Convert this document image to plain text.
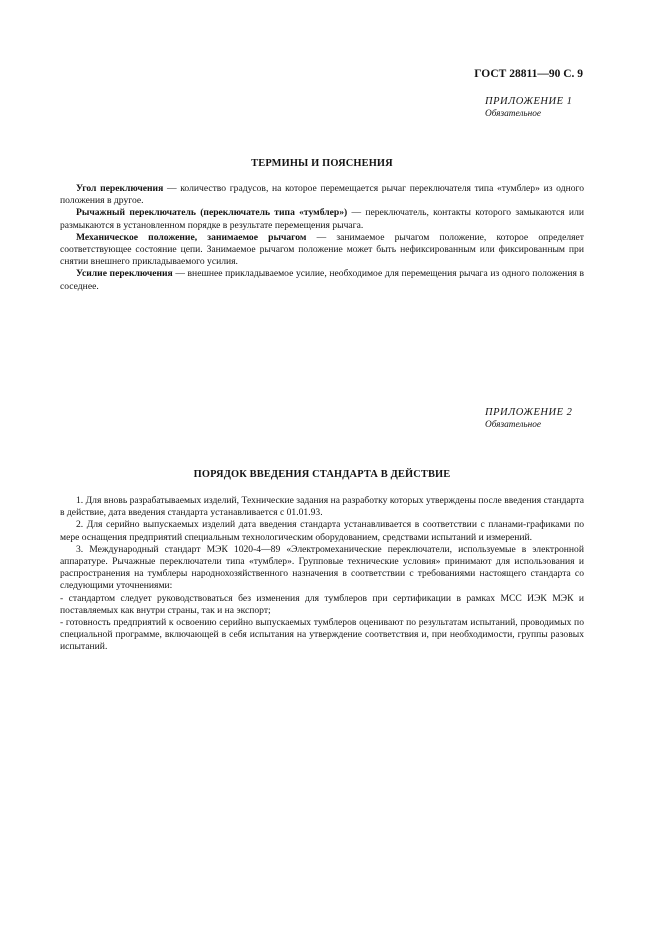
ГОСТ 28811—90 С. 9
ПРИЛОЖЕНИЕ 1
Обязательное
ТЕРМИНЫ И ПОЯСНЕНИЯ

Угол переключения — количество градусов, на которое перемещается рычаг переключателя типа «тумблер» из одного положения в другое.

Рычажный переключатель (переключатель типа «тумблер») — переключатель, контакты которого замыкаются или размыкаются в установленном порядке в результате перемещения рычага.

Механическое положение, занимаемое рычагом — занимаемое рычагом положение, которое определяет соответствующее состояние цепи. Занимаемое рычагом положение может быть нефиксированным или фиксированным при снятии внешнего прикладываемого усилия.

Усилие переключения — внешнее прикладываемое усилие, необходимое для перемещения рычага из одного положения в соседнее.

ПРИЛОЖЕНИЕ 2
Обязательное
ПОРЯДОК ВВЕДЕНИЯ СТАНДАРТА В ДЕЙСТВИЕ

1. Для вновь разрабатываемых изделий, Технические задания на разработку которых утверждены после введения стандарта в действие, дата введения стандарта устанавливается с 01.01.93.

2. Для серийно выпускаемых изделий дата введения стандарта устанавливается в соответствии с планами-графиками по мере оснащения предприятий специальным технологическим оборудованием, средствами испытаний и измерений.

3. Международный стандарт МЭК 1020-4—89 «Электромеханические переключатели, используемые в электронной аппаратуре. Рычажные переключатели типа «тумблер». Групповые технические условия» принимают для использования и распространения на тумблеры народнохозяйственного назначения в соответствии с требованиями настоящего стандарта со следующими уточнениями:

- стандартом следует руководствоваться без изменения для тумблеров при сертификации в рамках МСС ИЭК МЭК и поставляемых как внутри страны, так и на экспорт;

- готовность предприятий к освоению серийно выпускаемых тумблеров оценивают по результатам испытаний, проводимых по специальной программе, включающей в себя испытания на утверждение соответствия и, при необходимости, группы разовых испытаний.
